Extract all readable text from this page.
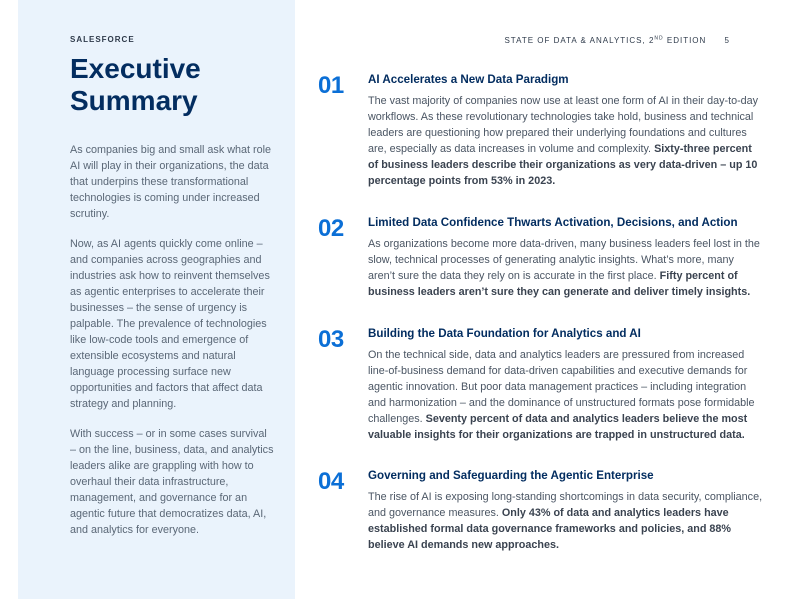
SALESFORCE
Executive
Summary

As companies big and small ask what role AI will play in their organizations, the data that underpins these transformational technologies is coming under increased scrutiny.

Now, as AI agents quickly come online – and companies across geographies and industries ask how to reinvent themselves as agentic enterprises to accelerate their businesses – the sense of urgency is palpable. The prevalence of technologies like low-code tools and emergence of extensible ecosystems and natural language processing surface new opportunities and factors that affect data strategy and planning.

With success – or in some cases survival – on the line, business, data, and analytics leaders alike are grappling with how to overhaul their data infrastructure, management, and governance for an agentic future that democratizes data, AI, and analytics for everyone.

STATE OF DATA & ANALYTICS, 2ND EDITION 5
01 AI Accelerates a New Data Paradigm

The vast majority of companies now use at least one form of AI in their day-to-day workflows. As these revolutionary technologies take hold, business and technical leaders are questioning how prepared their underlying foundations and cultures are, especially as data increases in volume and complexity. Sixty-three percent of business leaders describe their organizations as very data-driven – up 10 percentage points from 53% in 2023.

02 Limited Data Confidence Thwarts Activation, Decisions, and Action

As organizations become more data-driven, many business leaders feel lost in the slow, technical processes of generating analytic insights. What’s more, many aren’t sure the data they rely on is accurate in the first place. Fifty percent of business leaders aren’t sure they can generate and deliver timely insights.

03 Building the Data Foundation for Analytics and AI

On the technical side, data and analytics leaders are pressured from increased line-of-business demand for data-driven capabilities and executive demands for agentic innovation. But poor data management practices – including integration and harmonization – and the dominance of unstructured formats pose formidable challenges. Seventy percent of data and analytics leaders believe the most valuable insights for their organizations are trapped in unstructured data.

04 Governing and Safeguarding the Agentic Enterprise

The rise of AI is exposing long-standing shortcomings in data security, compliance, and governance measures. Only 43% of data and analytics leaders have established formal data governance frameworks and policies, and 88% believe AI demands new approaches.
